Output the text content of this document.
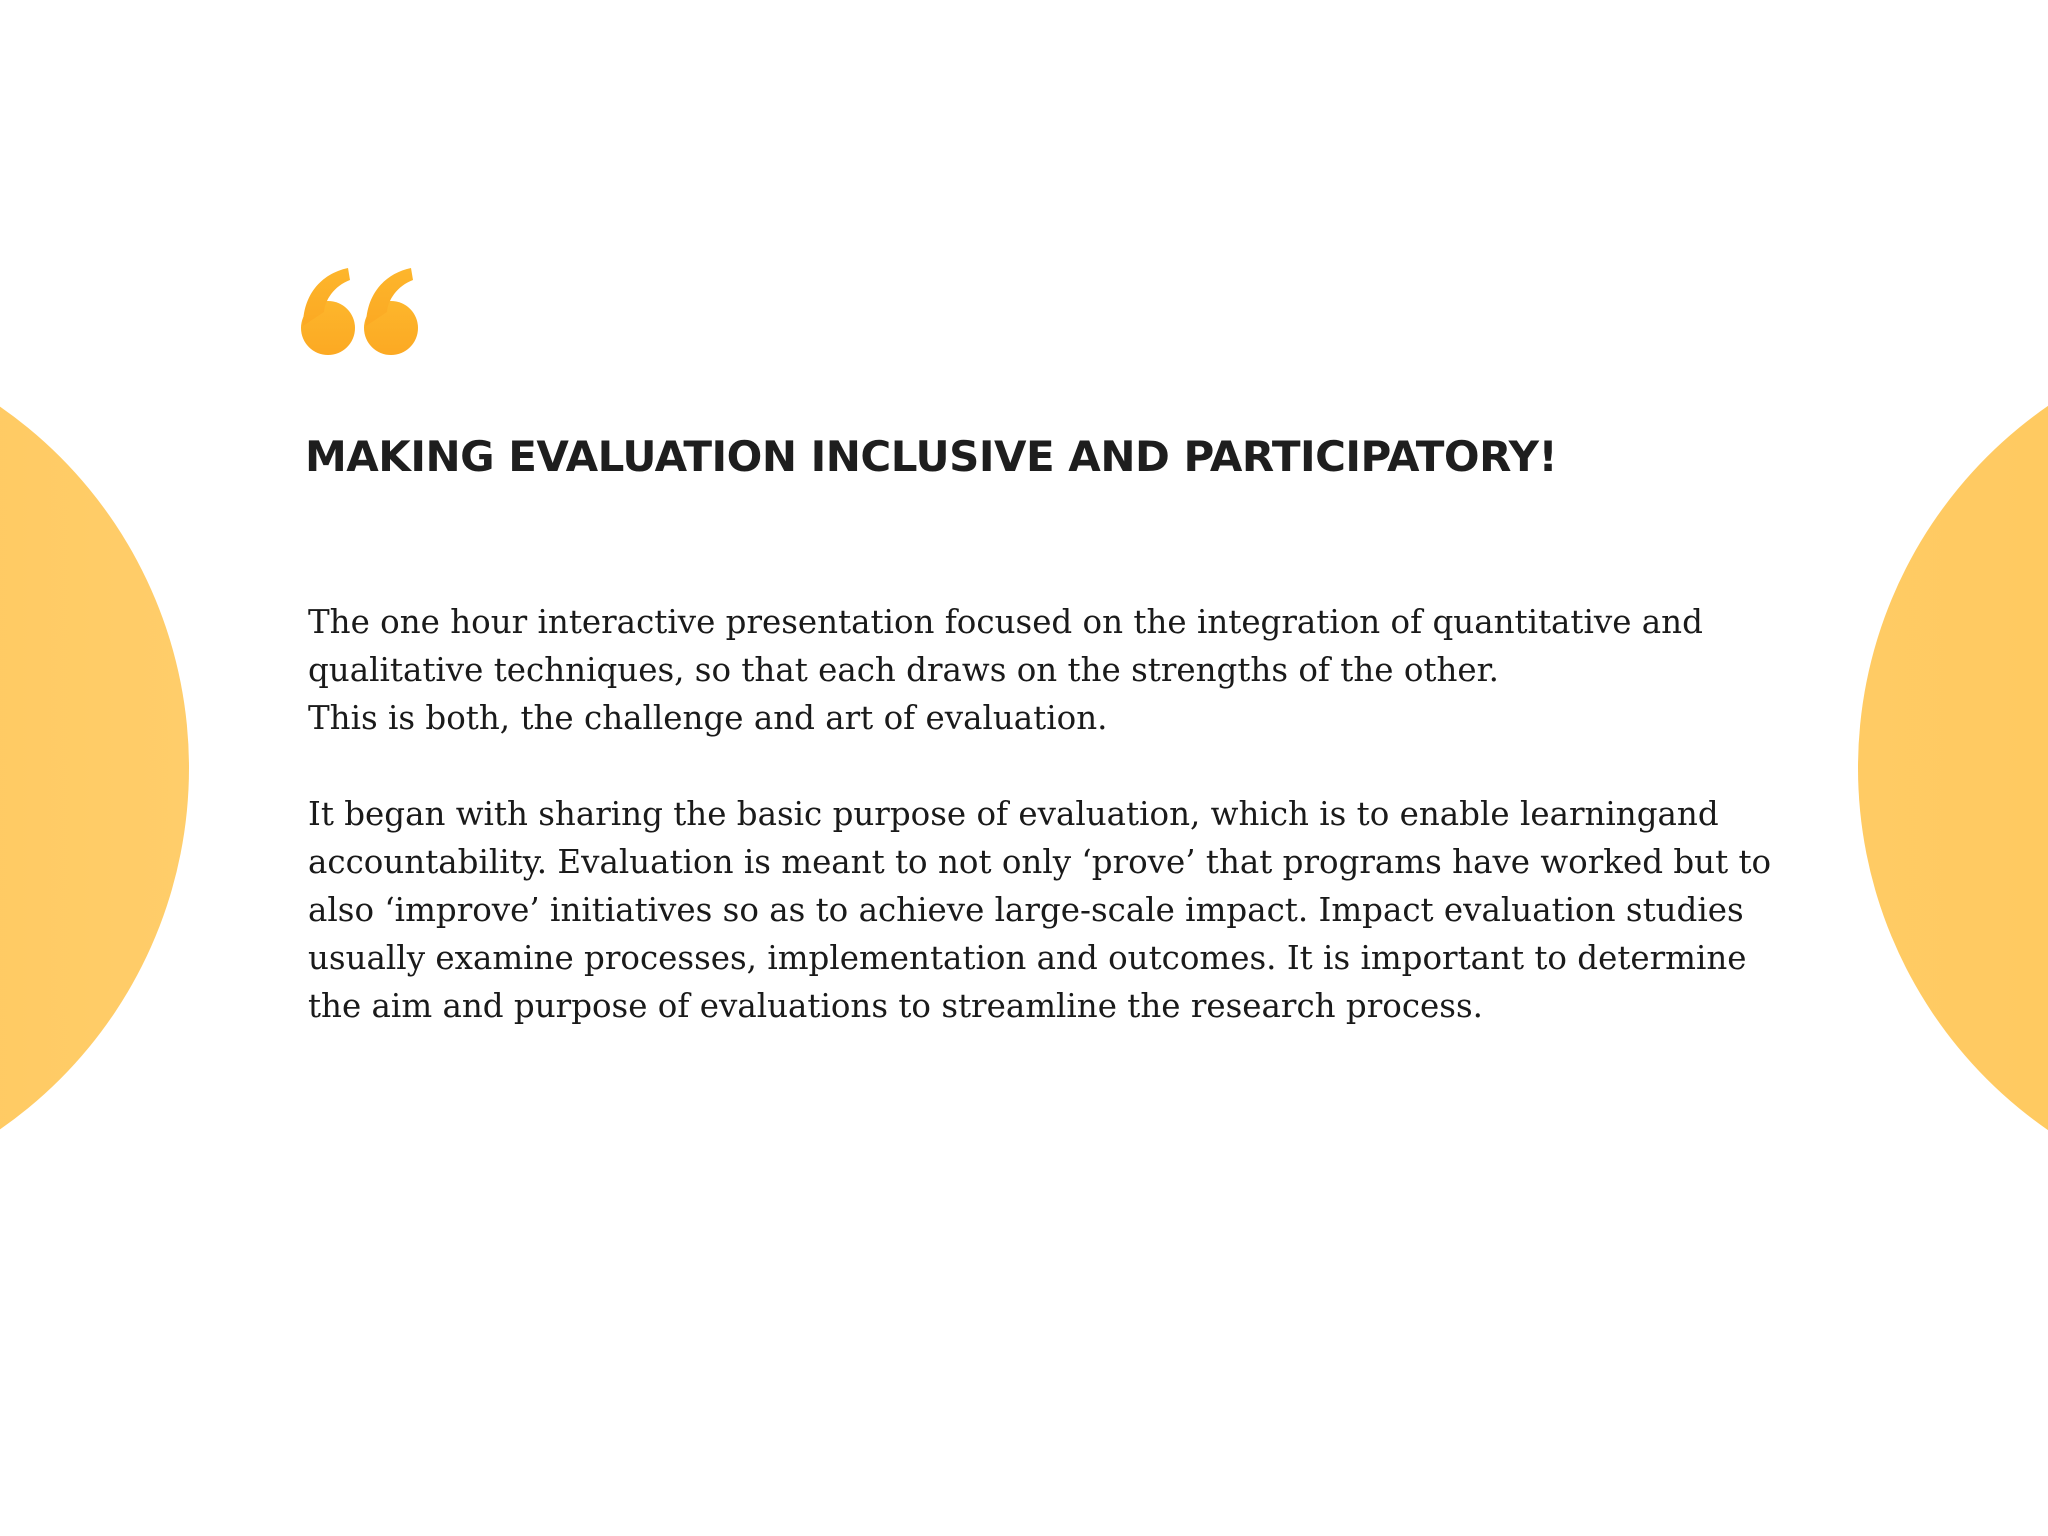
MAKING EVALUATION INCLUSIVE AND PARTICIPATORY!

The one hour interactive presentation focused on the integration of quantitative and
qualitative techniques, so that each draws on the strengths of the other.
This is both, the challenge and art of evaluation.

It began with sharing the basic purpose of evaluation, which is to enable learningand
accountability. Evaluation is meant to not only ‘prove’ that programs have worked but to
also ‘improve’ initiatives so as to achieve large-scale impact. Impact evaluation studies
usually examine processes, implementation and outcomes. It is important to determine
the aim and purpose of evaluations to streamline the research process.
